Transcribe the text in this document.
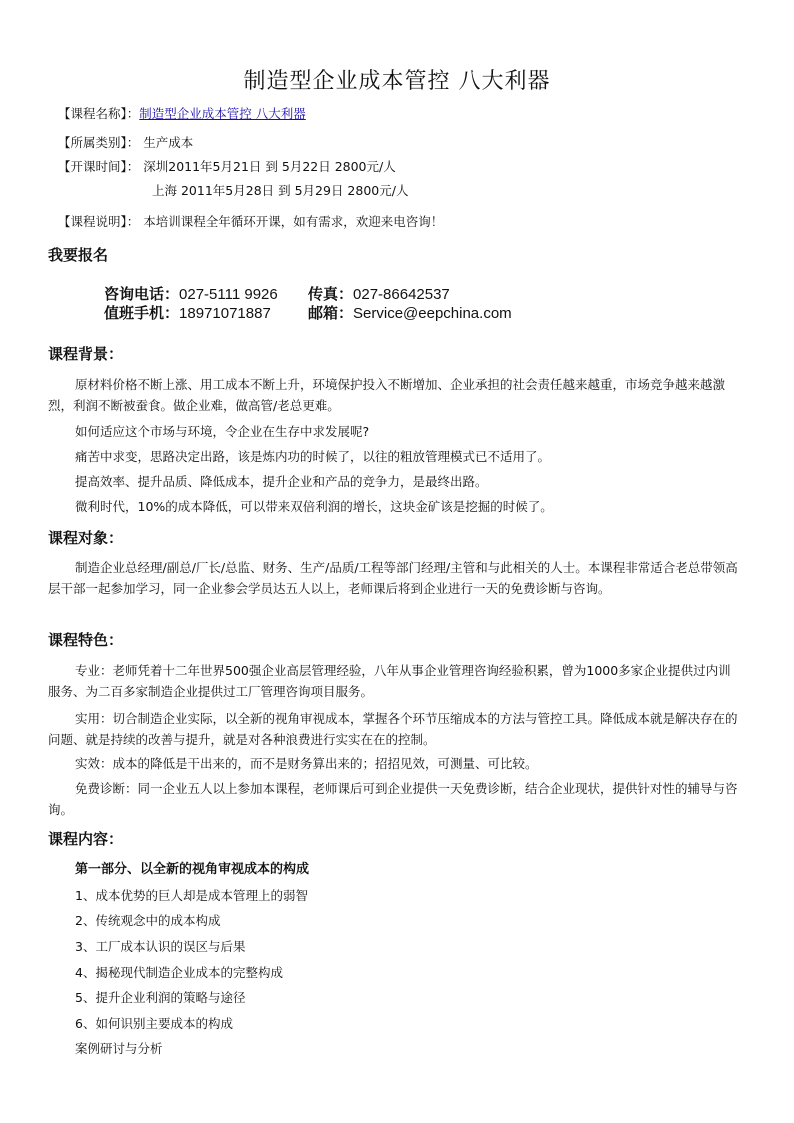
制造型企业成本管控 八大利器
【课程名称】：制造型企业成本管控 八大利器
【所属类别】： 生产成本
【开课时间】： 深圳2011年5月21日 到 5月22日 2800元/人
上海 2011年5月28日 到 5月29日 2800元/人
【课程说明】： 本培训课程全年循环开课，如有需求，欢迎来电咨询！
我要报名
咨询电话：027-5111 9926 传真：027-86642537
值班手机：18971071887 邮箱：Service@eepchina.com
课程背景：
原材料价格不断上涨、用工成本不断上升，环境保护投入不断增加、企业承担的社会责任越来越重，市场竞争越来越激烈，利润不断被蚕食。做企业难，做高管/老总更难。
如何适应这个市场与环境，令企业在生存中求发展呢?
痛苦中求变，思路决定出路，该是炼内功的时候了，以往的粗放管理模式已不适用了。
提高效率、提升品质、降低成本，提升企业和产品的竞争力，是最终出路。
微利时代，10%的成本降低，可以带来双倍利润的增长，这块金矿该是挖掘的时候了。
课程对象：
制造企业总经理/副总/厂长/总监、财务、生产/品质/工程等部门经理/主管和与此相关的人士。本课程非常适合老总带领高层干部一起参加学习，同一企业参会学员达五人以上，老师课后将到企业进行一天的免费诊断与咨询。
课程特色：
专业：老师凭着十二年世界500强企业高层管理经验，八年从事企业管理咨询经验积累，曾为1000多家企业提供过内训服务、为二百多家制造企业提供过工厂管理咨询项目服务。
实用：切合制造企业实际，以全新的视角审视成本，掌握各个环节压缩成本的方法与管控工具。降低成本就是解决存在的问题、就是持续的改善与提升，就是对各种浪费进行实实在在的控制。
实效：成本的降低是干出来的，而不是财务算出来的；招招见效，可测量、可比较。
免费诊断：同一企业五人以上参加本课程，老师课后可到企业提供一天免费诊断，结合企业现状，提供针对性的辅导与咨询。
课程内容：
第一部分、以全新的视角审视成本的构成
1、成本优势的巨人却是成本管理上的弱智
2、传统观念中的成本构成
3、工厂成本认识的误区与后果
4、揭秘现代制造企业成本的完整构成
5、提升企业利润的策略与途径
6、如何识别主要成本的构成
案例研讨与分析
